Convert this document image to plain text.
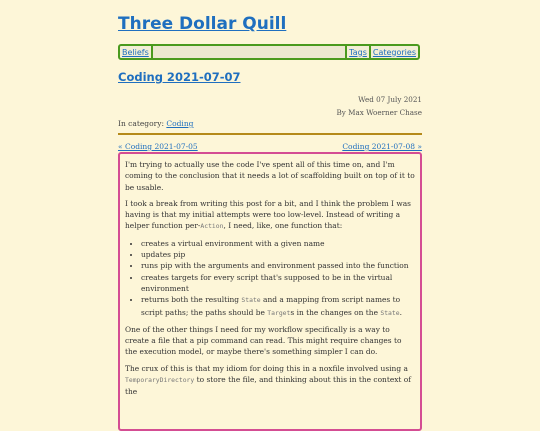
Three Dollar Quill
Beliefs	Tags Categories
Coding 2021-07-07
Wed 07 July 2021
By Max Woerner Chase
In category: Coding
« Coding 2021-07-05	Coding 2021-07-08 »

I'm trying to actually use the code I've spent all of this time on, and I'm coming to the conclusion that it needs a lot of scaffolding built on top of it to be usable.

I took a break from writing this post for a bit, and I think the problem I was having is that my initial attempts were too low-level. Instead of writing a helper function per-Action, I need, like, one function that:

• creates a virtual environment with a given name
• updates pip
• runs pip with the arguments and environment passed into the function
• creates targets for every script that's supposed to be in the virtual environment
• returns both the resulting State and a mapping from script names to script paths; the paths should be Targets in the changes on the State.

One of the other things I need for my workflow specifically is a way to create a file that a pip command can read. This might require changes to the execution model, or maybe there's something simpler I can do.

The crux of this is that my idiom for doing this in a noxfile involved using a TemporaryDirectory to store the file, and thinking about this in the context of the
